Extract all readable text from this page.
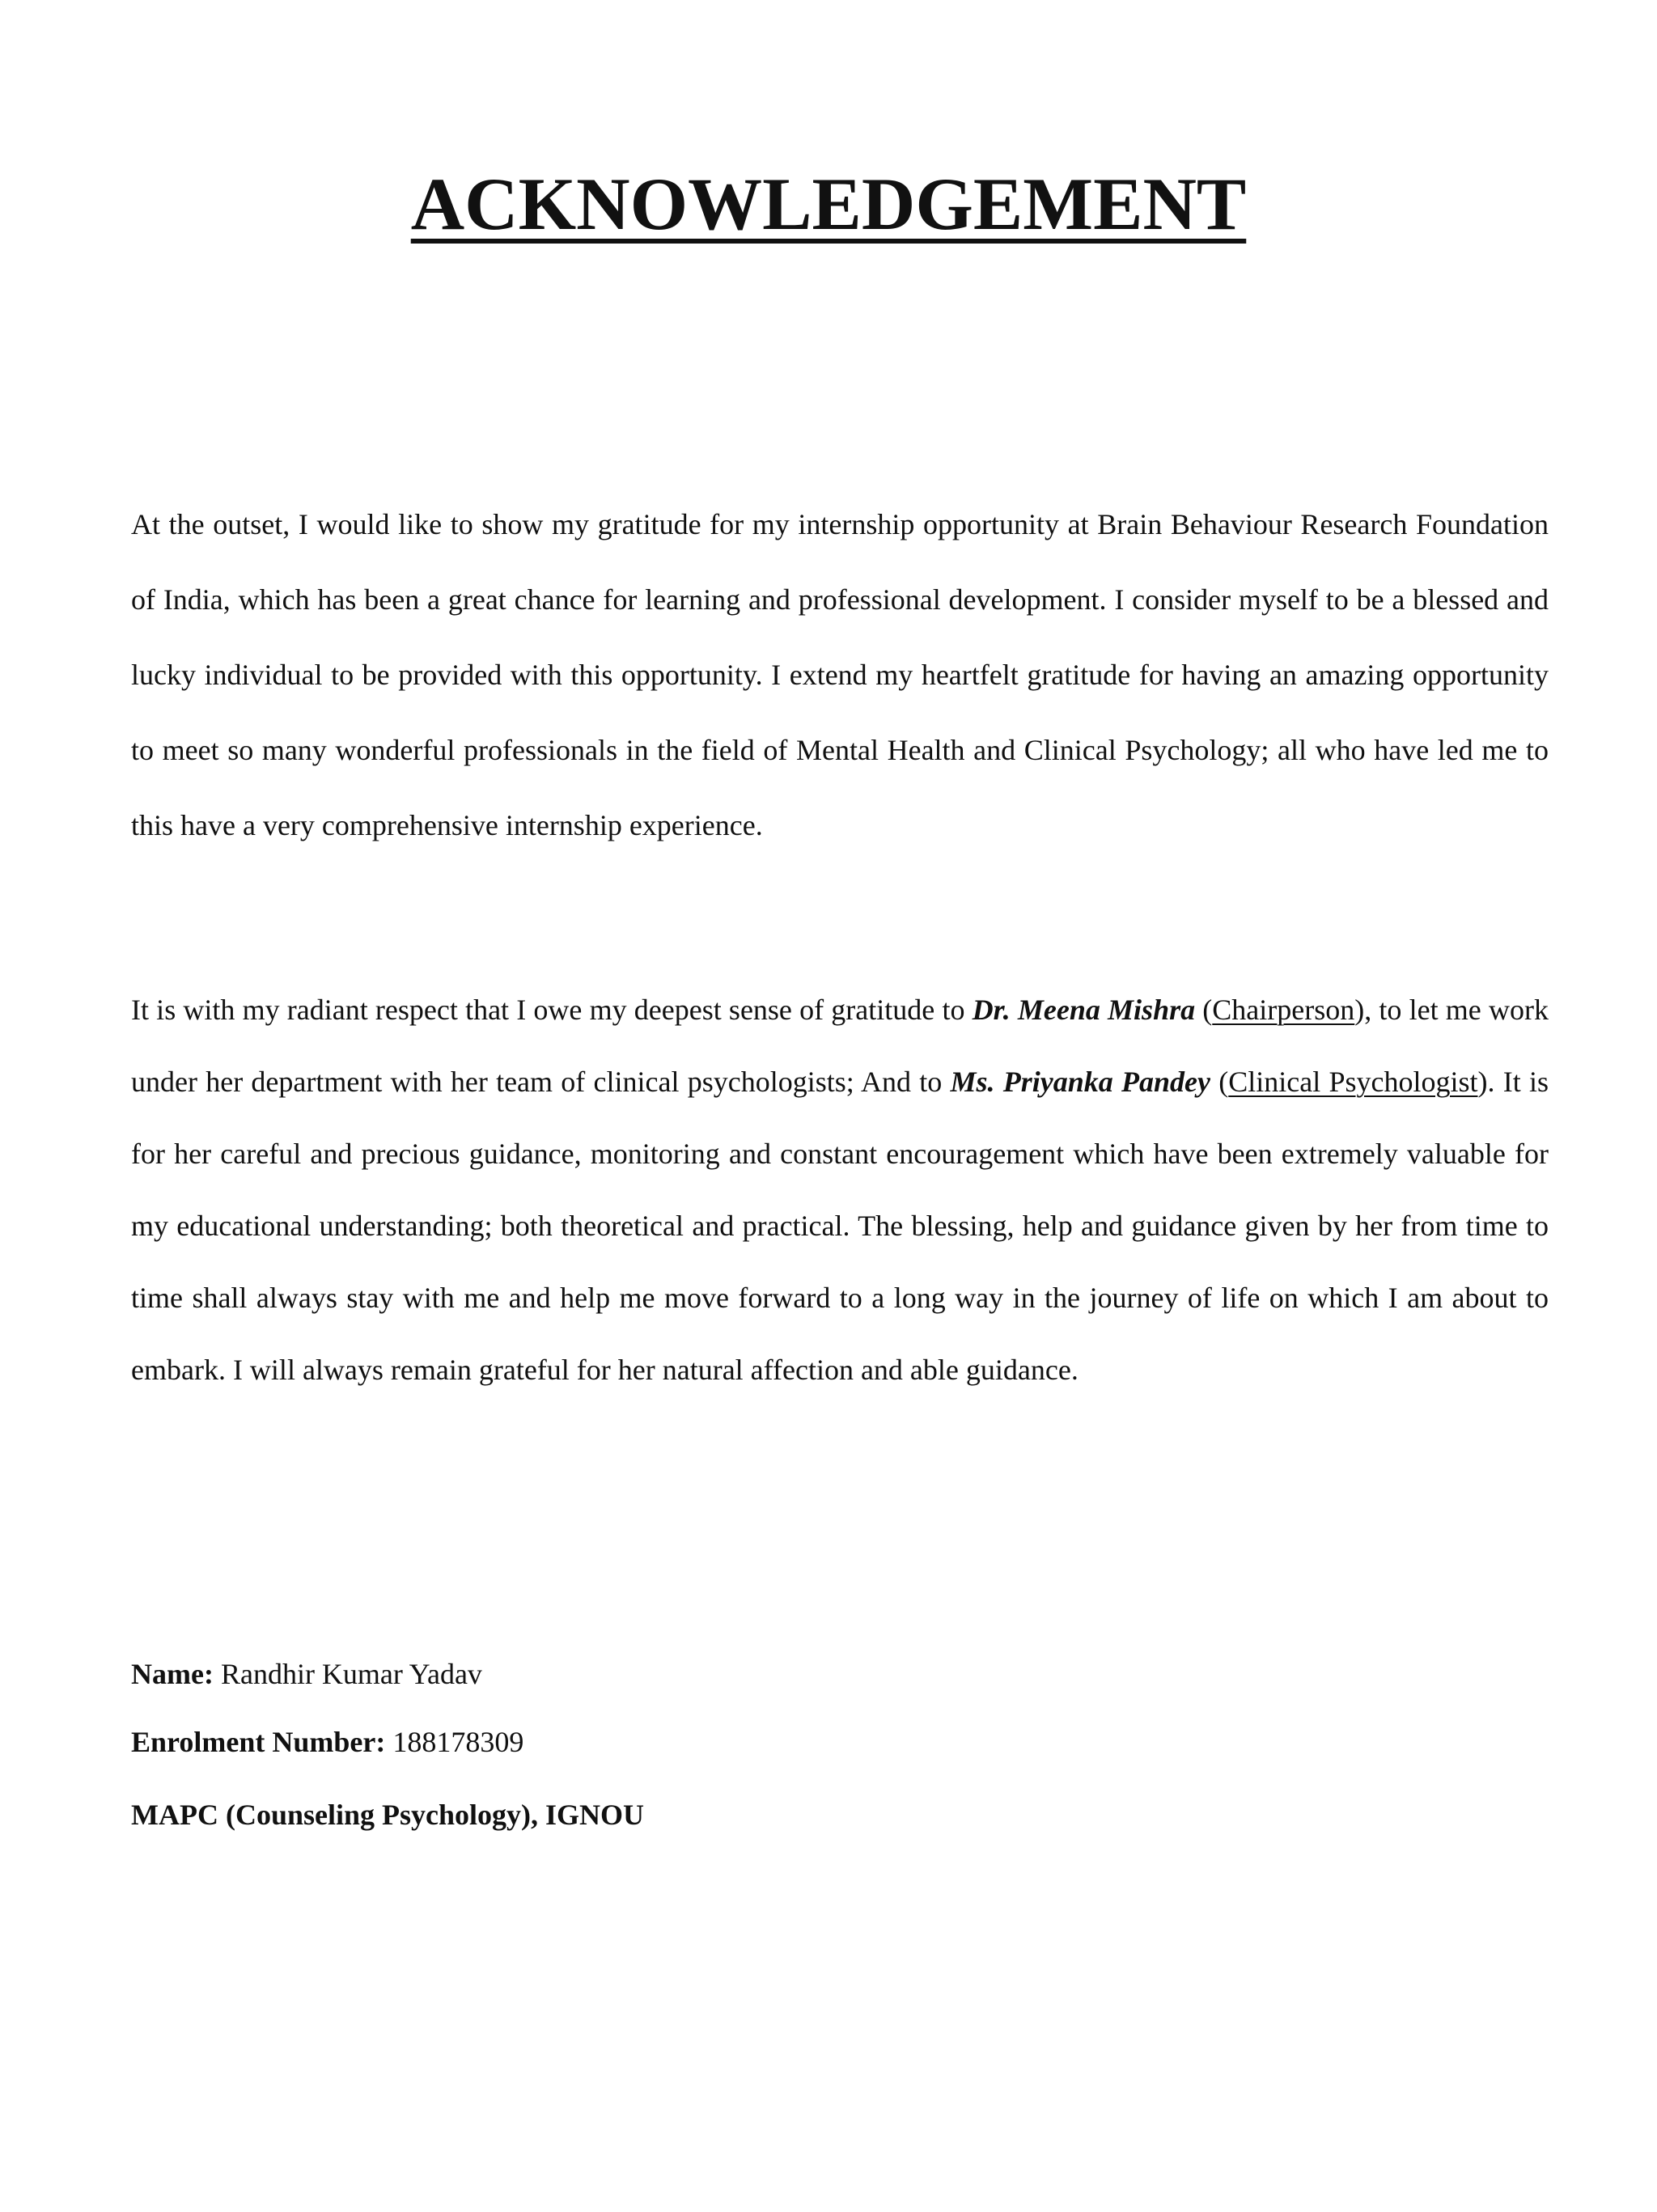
ACKNOWLEDGEMENT

At the outset, I would like to show my gratitude for my internship opportunity at Brain Behaviour Research Foundation of India, which has been a great chance for learning and professional development. I consider myself to be a blessed and lucky individual to be provided with this opportunity. I extend my heartfelt gratitude for having an amazing opportunity to meet so many wonderful professionals in the field of Mental Health and Clinical Psychology; all who have led me to this have a very comprehensive internship experience.

It is with my radiant respect that I owe my deepest sense of gratitude to Dr. Meena Mishra (Chairperson), to let me work under her department with her team of clinical psychologists; And to Ms. Priyanka Pandey (Clinical Psychologist). It is for her careful and precious guidance, monitoring and constant encouragement which have been extremely valuable for my educational understanding; both theoretical and practical. The blessing, help and guidance given by her from time to time shall always stay with me and help me move forward to a long way in the journey of life on which I am about to embark. I will always remain grateful for her natural affection and able guidance.

Name: Randhir Kumar Yadav

Enrolment Number: 188178309

MAPC (Counseling Psychology), IGNOU
